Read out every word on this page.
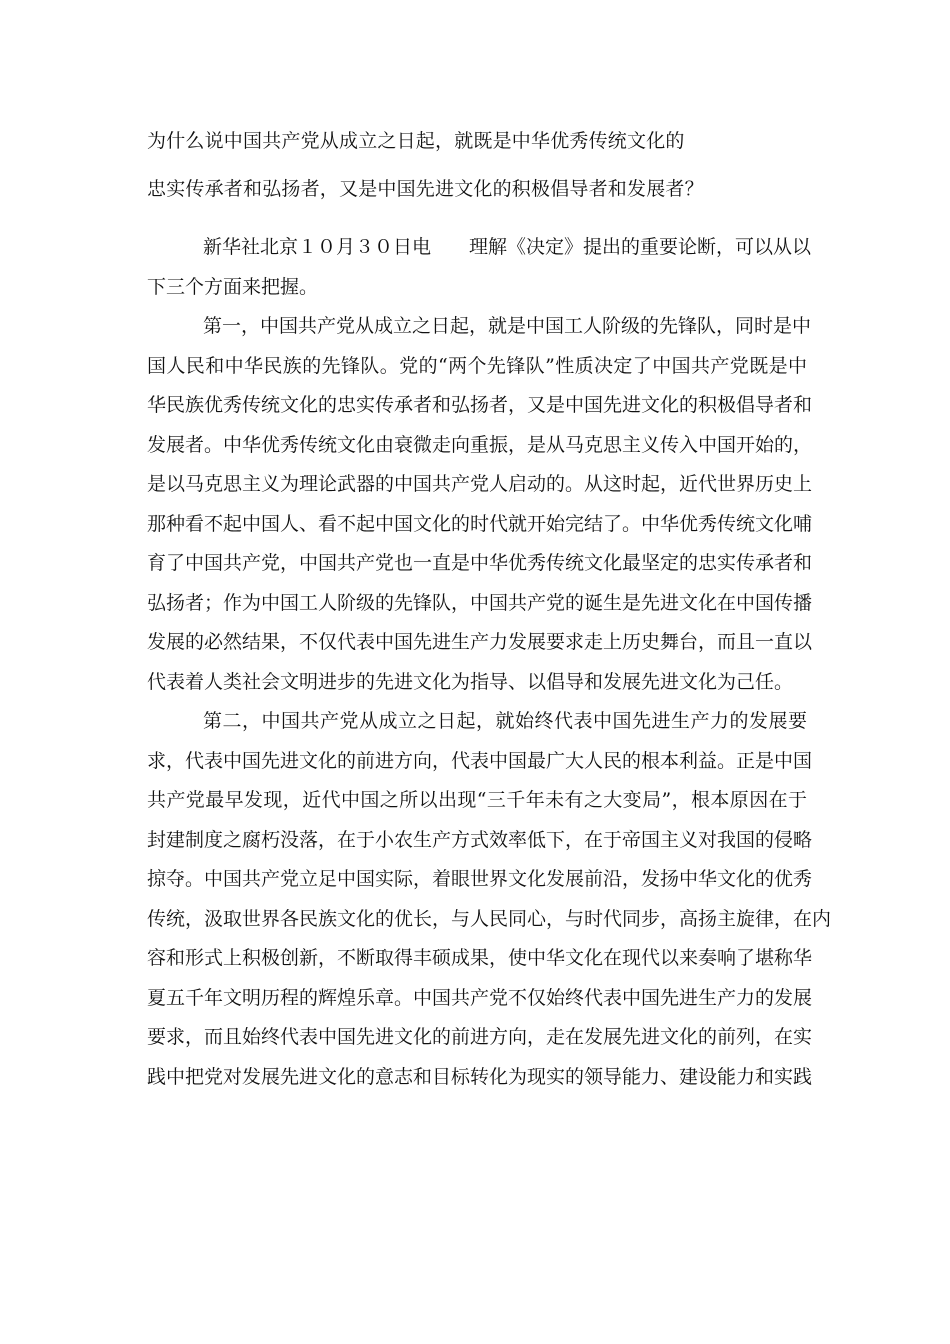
为什么说中国共产党从成立之日起，就既是中华优秀传统文化的
忠实传承者和弘扬者，又是中国先进文化的积极倡导者和发展者？
新华社北京１０月３０日电　　理解《决定》提出的重要论断，可以从以
下三个方面来把握。
第一，中国共产党从成立之日起，就是中国工人阶级的先锋队，同时是中
国人民和中华民族的先锋队。党的“两个先锋队”性质决定了中国共产党既是中
华民族优秀传统文化的忠实传承者和弘扬者，又是中国先进文化的积极倡导者和
发展者。中华优秀传统文化由衰微走向重振，是从马克思主义传入中国开始的，
是以马克思主义为理论武器的中国共产党人启动的。从这时起，近代世界历史上
那种看不起中国人、看不起中国文化的时代就开始完结了。中华优秀传统文化哺
育了中国共产党，中国共产党也一直是中华优秀传统文化最坚定的忠实传承者和
弘扬者；作为中国工人阶级的先锋队，中国共产党的诞生是先进文化在中国传播
发展的必然结果，不仅代表中国先进生产力发展要求走上历史舞台，而且一直以
代表着人类社会文明进步的先进文化为指导、以倡导和发展先进文化为己任。
第二，中国共产党从成立之日起，就始终代表中国先进生产力的发展要
求，代表中国先进文化的前进方向，代表中国最广大人民的根本利益。正是中国
共产党最早发现，近代中国之所以出现“三千年未有之大变局”，根本原因在于
封建制度之腐朽没落，在于小农生产方式效率低下，在于帝国主义对我国的侵略
掠夺。中国共产党立足中国实际，着眼世界文化发展前沿，发扬中华文化的优秀
传统，汲取世界各民族文化的优长，与人民同心，与时代同步，高扬主旋律，在内
容和形式上积极创新，不断取得丰硕成果，使中华文化在现代以来奏响了堪称华
夏五千年文明历程的辉煌乐章。中国共产党不仅始终代表中国先进生产力的发展
要求，而且始终代表中国先进文化的前进方向，走在发展先进文化的前列，在实
践中把党对发展先进文化的意志和目标转化为现实的领导能力、建设能力和实践
